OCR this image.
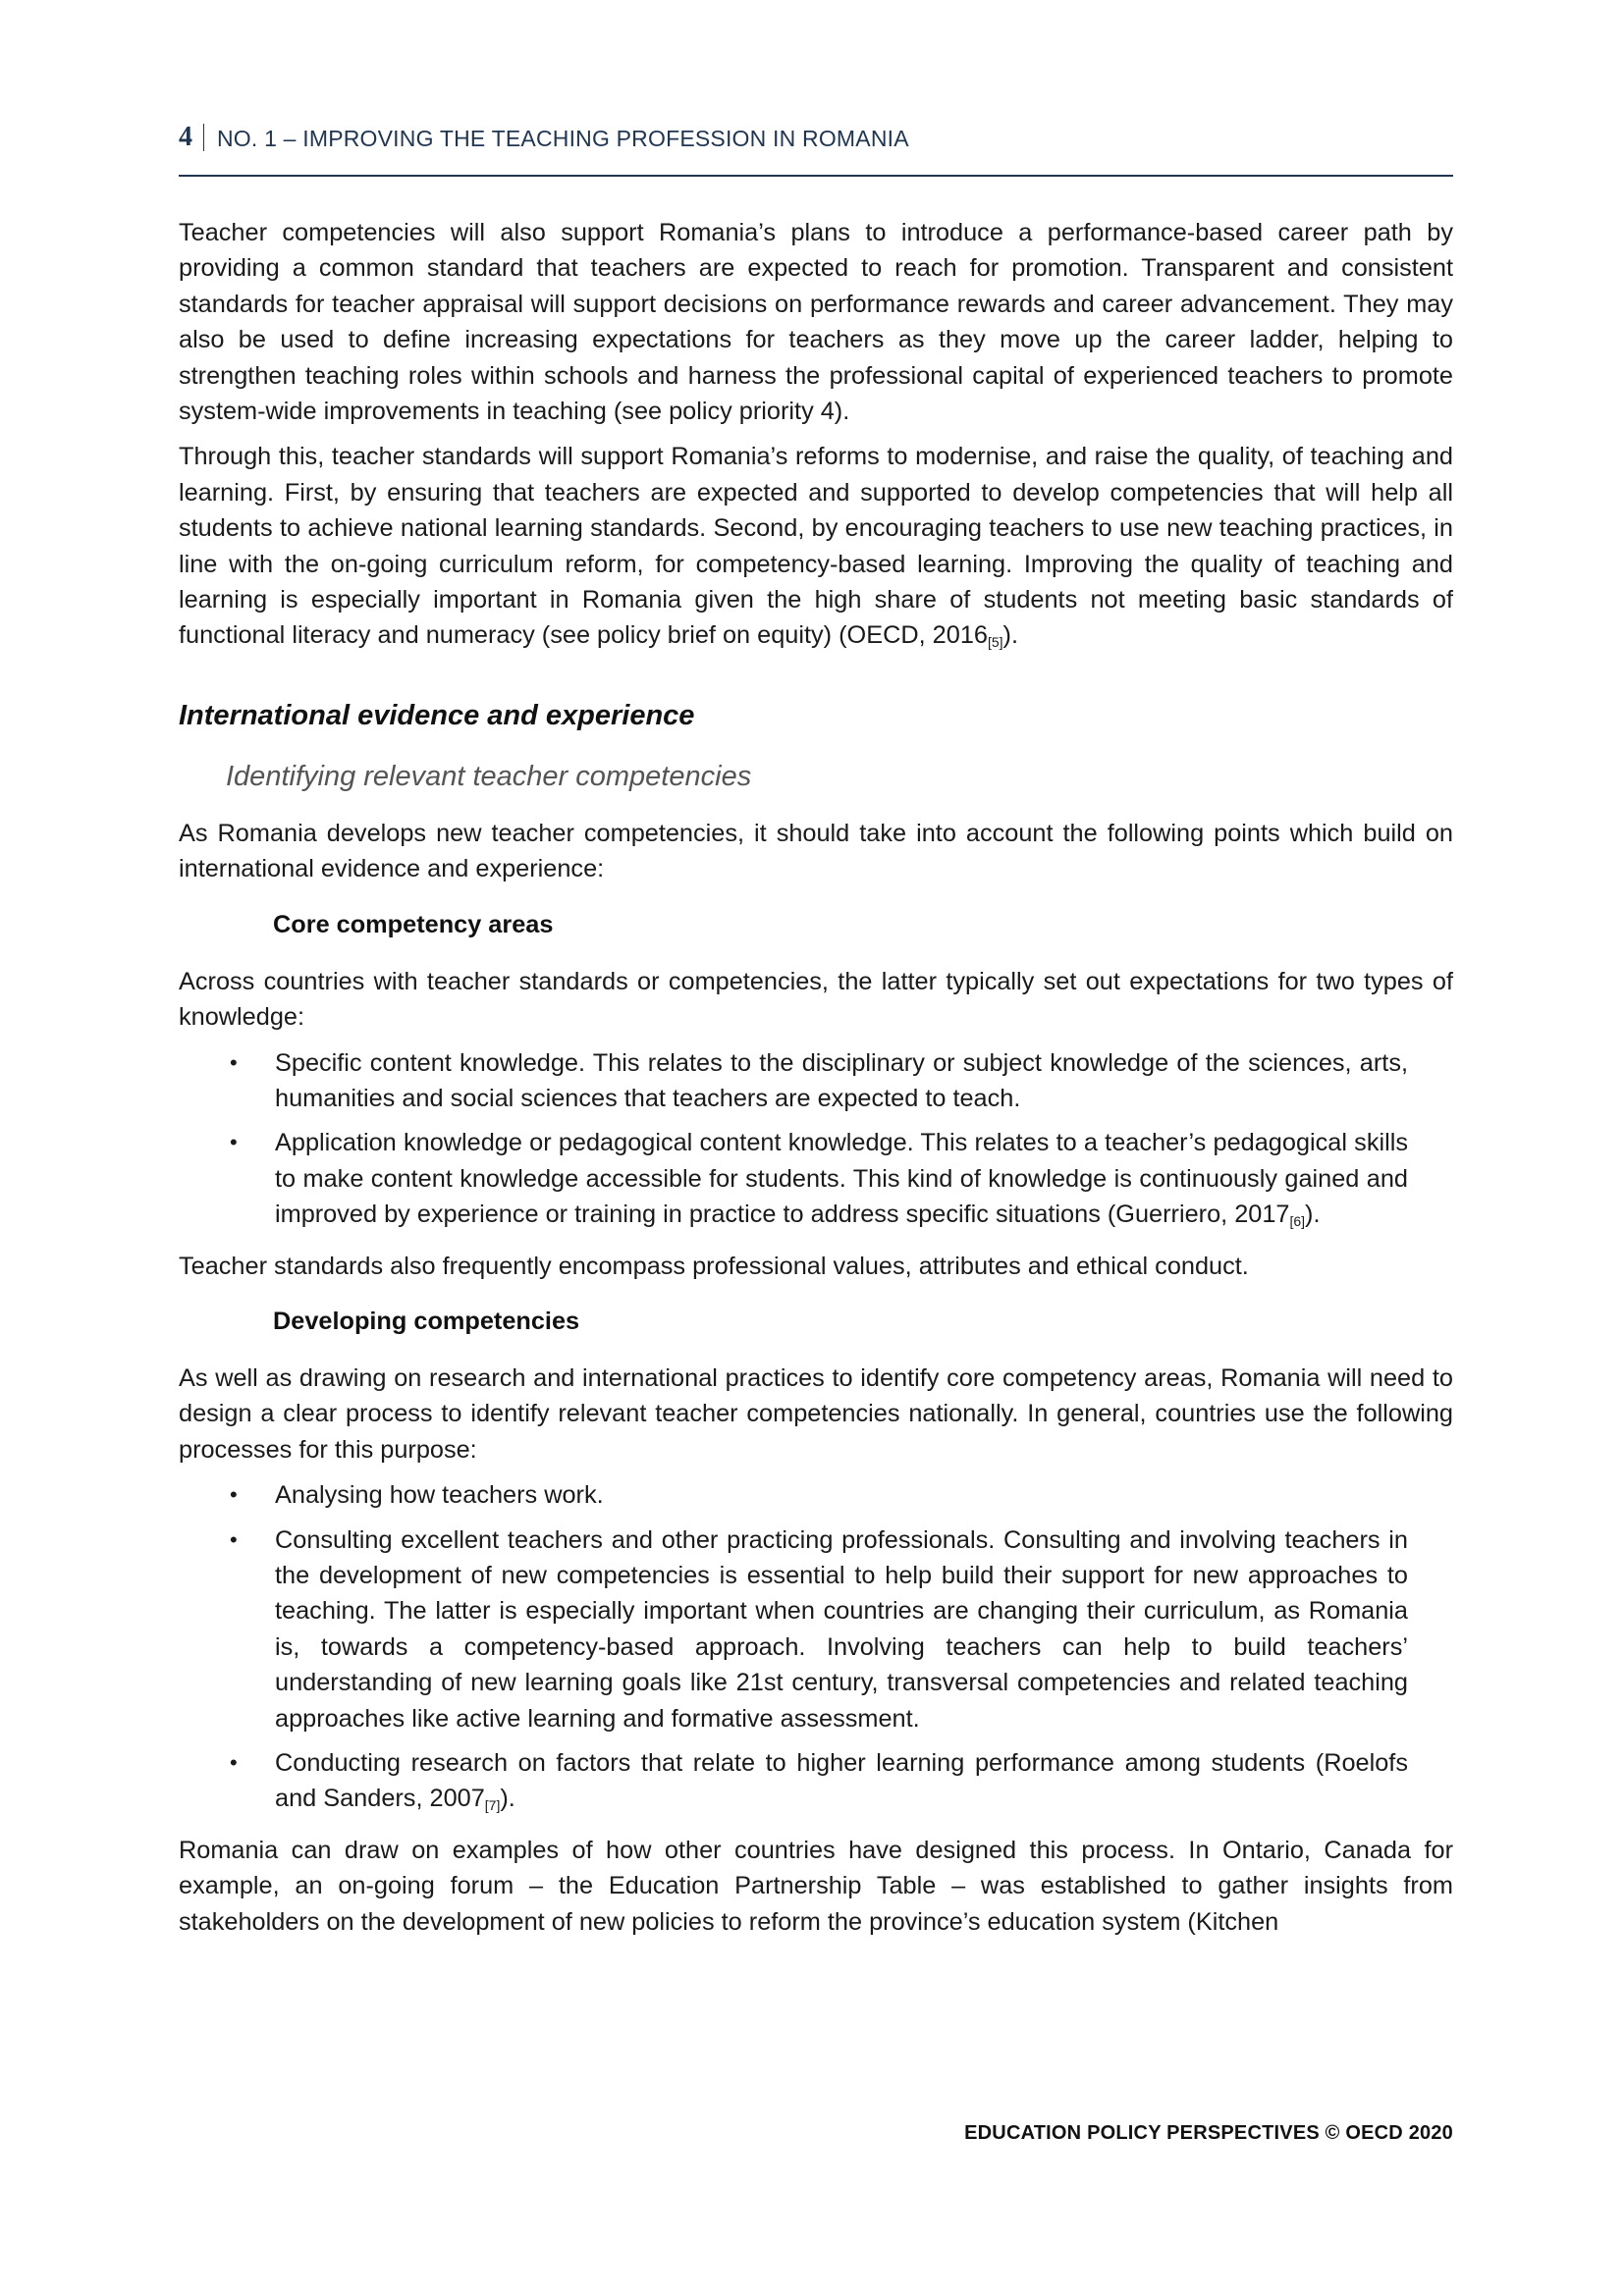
4 NO. 1 – IMPROVING THE TEACHING PROFESSION IN ROMANIA

Teacher competencies will also support Romania’s plans to introduce a performance-based career path by providing a common standard that teachers are expected to reach for promotion. Transparent and consistent standards for teacher appraisal will support decisions on performance rewards and career advancement. They may also be used to define increasing expectations for teachers as they move up the career ladder, helping to strengthen teaching roles within schools and harness the professional capital of experienced teachers to promote system-wide improvements in teaching (see policy priority 4).

Through this, teacher standards will support Romania’s reforms to modernise, and raise the quality, of teaching and learning. First, by ensuring that teachers are expected and supported to develop competencies that will help all students to achieve national learning standards. Second, by encouraging teachers to use new teaching practices, in line with the on-going curriculum reform, for competency-based learning. Improving the quality of teaching and learning is especially important in Romania given the high share of students not meeting basic standards of functional literacy and numeracy (see policy brief on equity) (OECD, $2016_{[5]}$).

International evidence and experience
Identifying relevant teacher competencies

As Romania develops new teacher competencies, it should take into account the following points which build on international evidence and experience:

Core competency areas

Across countries with teacher standards or competencies, the latter typically set out expectations for two types of knowledge:

• Specific content knowledge. This relates to the disciplinary or subject knowledge of the sciences, arts, humanities and social sciences that teachers are expected to teach.
• Application knowledge or pedagogical content knowledge. This relates to a teacher’s pedagogical skills to make content knowledge accessible for students. This kind of knowledge is continuously gained and improved by experience or training in practice to address specific situations (Guerriero, $2017_{[6]}$).

Teacher standards also frequently encompass professional values, attributes and ethical conduct.

Developing competencies

As well as drawing on research and international practices to identify core competency areas, Romania will need to design a clear process to identify relevant teacher competencies nationally. In general, countries use the following processes for this purpose:

• Analysing how teachers work.
• Consulting excellent teachers and other practicing professionals. Consulting and involving teachers in the development of new competencies is essential to help build their support for new approaches to teaching. The latter is especially important when countries are changing their curriculum, as Romania is, towards a competency-based approach. Involving teachers can help to build teachers’ understanding of new learning goals like 21st century, transversal competencies and related teaching approaches like active learning and formative assessment.
• Conducting research on factors that relate to higher learning performance among students (Roelofs and Sanders, $2007_{[7]}$).

Romania can draw on examples of how other countries have designed this process. In Ontario, Canada for example, an on-going forum – the Education Partnership Table – was established to gather insights from stakeholders on the development of new policies to reform the province’s education system (Kitchen

EDUCATION POLICY PERSPECTIVES © OECD 2020
